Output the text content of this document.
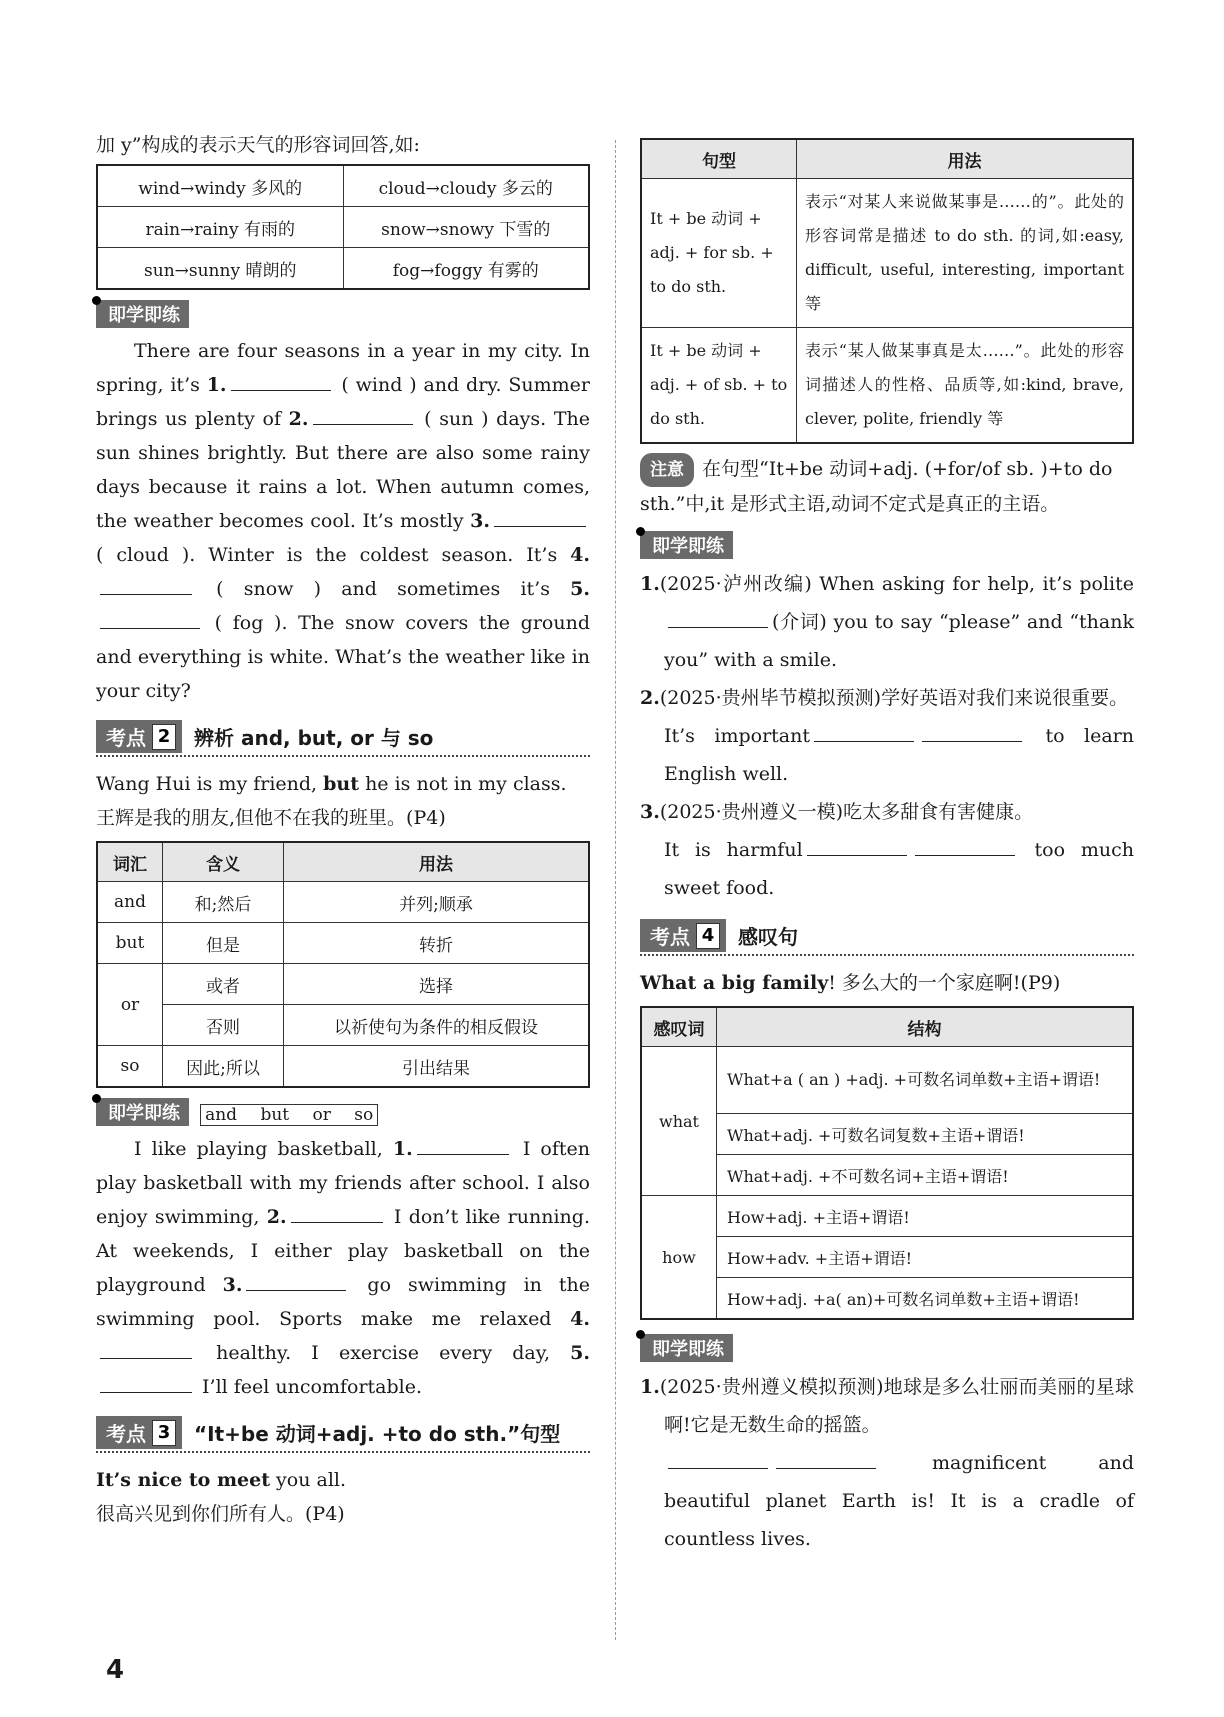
加 y”构成的表示天气的形容词回答,如:

wind→windy 多风的	cloud→cloudy 多云的
rain→rainy 有雨的	snow→snowy 下雪的
sun→sunny 晴朗的	fog→foggy 有雾的
即学即练

There are four seasons in a year in my city. In spring, it’s 1.	( wind ) and dry. Summer brings us plenty of 2.	( sun ) days. The sun shines brightly. But there are also some rainy days because it rains a lot. When autumn comes, the weather becomes cool. It’s mostly 3. ( cloud ). Winter is the coldest season. It’s 4. ( snow ) and sometimes it’s 5. ( fog ). The snow covers the ground and everything is white. What’s the weather like in your city?

考点 2 辨析 and, but, or 与 so

Wang Hui is my friend, but he is not in my class.

王辉是我的朋友,但他不在我的班里。(P4)

词汇	含义	用法
and	和;然后	并列;顺承
but	但是	转折
or	或者	选择
	否则	以祈使句为条件的相反假设
so	因此;所以	引出结果
即学即练 and but or so

I like playing basketball, 1.	I often play basketball with my friends after school. I also enjoy swimming, 2.	I don’t like running. At weekends, I either play basketball on the playground 3.	go swimming in the swimming pool. Sports make me relaxed 4. healthy. I exercise every day, 5. I’ll feel uncomfortable.

考点 3 “It+be 动词+adj. +to do sth.”句型

It’s nice to meet you all.

很高兴见到你们所有人。(P4)

句型	用法
It + be 动词 + adj. + for sb. + to do sth.	表示“对某人来说做某事是……的”。此处的形容词常是描述 to do sth. 的词,如:easy, difficult, useful, interesting, important 等
It + be 动词 + adj. + of sb. + to do sth.	表示“某人做某事真是太……”。此处的形容词描述人的性格、品质等,如:kind, brave, clever, polite, friendly 等

注意 在句型“It+be 动词+adj. (+for/of sb. )+to do sth.”中,it 是形式主语,动词不定式是真正的主语。

即学即练

1.(2025·泸州改编) When asking for help, it’s polite(介词) you to say “please” and “thank you” with a smile.

2.(2025·贵州毕节模拟预测)学好英语对我们来说很重要。
It’s important	to learn English well.

3.(2025·贵州遵义一模)吃太多甜食有害健康。
It is harmful	too much sweet food.

考点 4 感叹句

What a big family! 多么大的一个家庭啊!(P9)

感叹词	结构
what	What+a ( an ) +adj. +可数名词单数+主语+谓语!
	What+adj. +可数名词复数+主语+谓语!
	What+adj. +不可数名词+主语+谓语!
how	How+adj. +主语+谓语!
	How+adv. +主语+谓语!
	How+adj. +a( an)+可数名词单数+主语+谓语!
即学即练

1.(2025·贵州遵义模拟预测)地球是多么壮丽而美丽的星球啊!它是无数生命的摇篮。
magnificent and beautiful planet Earth is! It is a cradle of countless lives.

4
